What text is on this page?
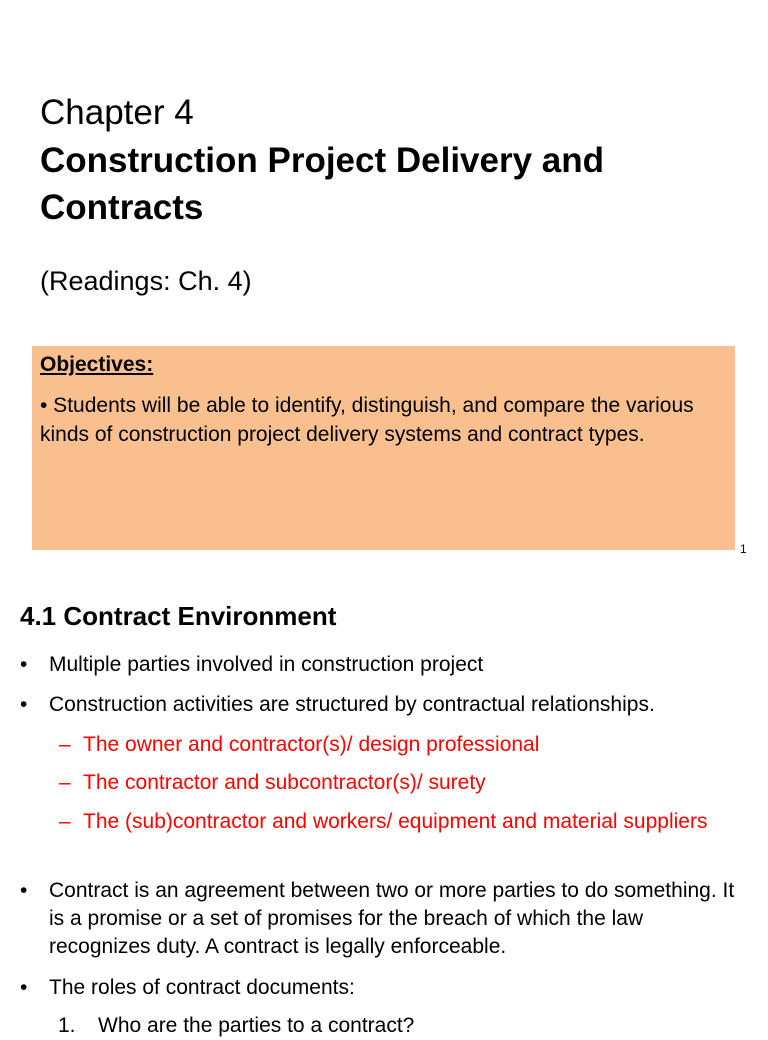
Chapter 4
Construction Project Delivery and Contracts

(Readings: Ch. 4)

Objectives:

• Students will be able to identify, distinguish, and compare the various kinds of construction project delivery systems and contract types.

1
4.1 Contract Environment
•	Multiple parties involved in construction project
•	Construction activities are structured by contractual relationships.
– The owner and contractor(s)/ design professional
– The contractor and subcontractor(s)/ surety
– The (sub)contractor and workers/ equipment and material suppliers
•	Contract is an agreement between two or more parties to do something. It is a promise or a set of promises for the breach of which the law recognizes duty. A contract is legally enforceable.
•	The roles of contract documents:
1. Who are the parties to a contract?
